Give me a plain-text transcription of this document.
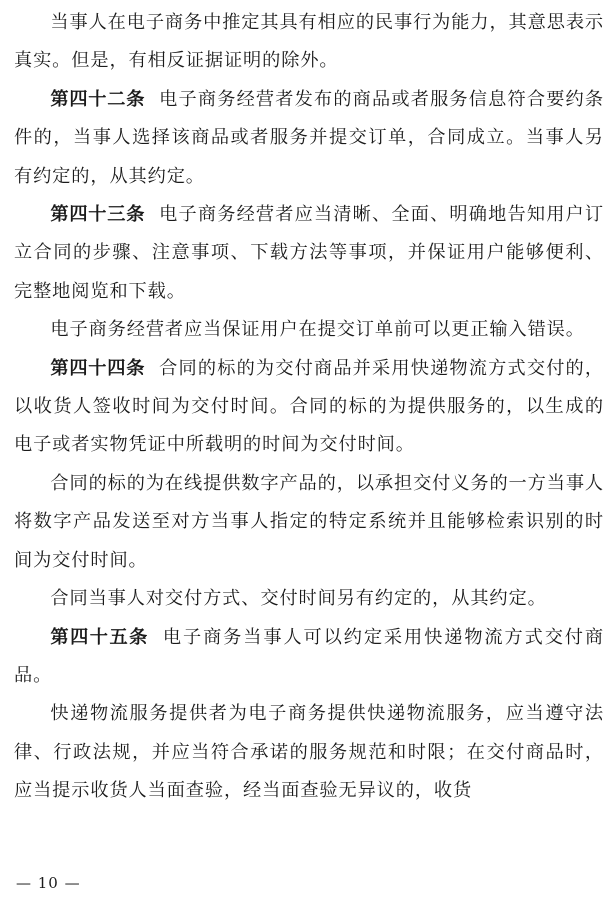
当事人在电子商务中推定其具有相应的民事行为能力，其意思表示真实。但是，有相反证据证明的除外。

第四十二条 电子商务经营者发布的商品或者服务信息符合要约条件的，当事人选择该商品或者服务并提交订单，合同成立。当事人另有约定的，从其约定。

第四十三条 电子商务经营者应当清晰、全面、明确地告知用户订立合同的步骤、注意事项、下载方法等事项，并保证用户能够便利、完整地阅览和下载。

电子商务经营者应当保证用户在提交订单前可以更正输入错误。

第四十四条 合同的标的为交付商品并采用快递物流方式交付的，以收货人签收时间为交付时间。合同的标的为提供服务的，以生成的电子或者实物凭证中所载明的时间为交付时间。

合同的标的为在线提供数字产品的，以承担交付义务的一方当事人将数字产品发送至对方当事人指定的特定系统并且能够检索识别的时间为交付时间。

合同当事人对交付方式、交付时间另有约定的，从其约定。

第四十五条 电子商务当事人可以约定采用快递物流方式交付商品。

快递物流服务提供者为电子商务提供快递物流服务，应当遵守法律、行政法规，并应当符合承诺的服务规范和时限；在交付商品时，应当提示收货人当面查验，经当面查验无异议的，收货

— 10 —
